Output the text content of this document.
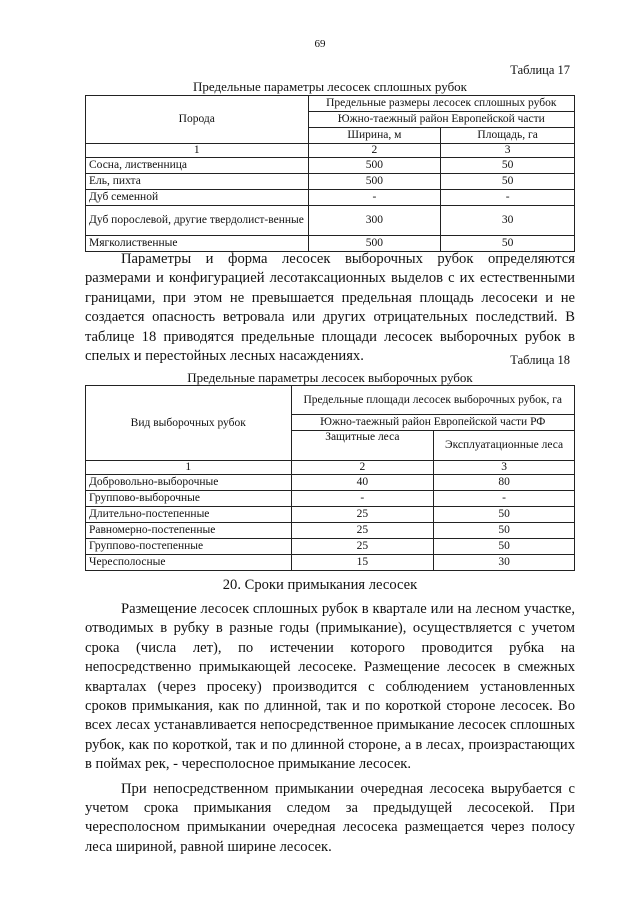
69
Таблица 17
Предельные параметры лесосек сплошных рубок
Порода	Предельные размеры лесосек сплошных рубок	
	Южно-таежный район Европейской части	
	Ширина, м	Площадь, га
1	2	3
Сосна, лиственница	500	50
Ель, пихта	500	50
Дуб семенной	-	-
Дуб порослевой, другие твердолист-венные	300	30
Мягколиственные	500	50

Параметры и форма лесосек выборочных рубок определяются размерами и конфигурацией лесотаксационных выделов с их естественными границами, при этом не превышается предельная площадь лесосеки и не создается опасность ветровала или других отрицательных последствий. В таблице 18 приводятся предельные площади лесосек выборочных рубок в спелых и перестойных лесных насаждениях.	Таблица 18
Предельные параметры лесосек выборочных рубок
Вид выборочных рубок	Предельные площади лесосек выборочных рубок, га	
	Южно-таежный район Европейской части РФ	
	Защитные леса	Эксплуатационные леса
1	2	3
Добровольно-выборочные	40	80
Группово-выборочные	-	-
Длительно-постепенные	25	50
Равномерно-постепенные	25	50
Группово-постепенные	25	50
Чересполосные	15	30
20. Сроки примыкания лесосек

Размещение лесосек сплошных рубок в квартале или на лесном участке, отводимых в рубку в разные годы (примыкание), осуществляется с учетом срока (числа лет), по истечении которого проводится рубка на непосредственно примыкающей лесосеке. Размещение лесосек в смежных кварталах (через просеку) производится с соблюдением установленных сроков примыкания, как по длинной, так и по короткой стороне лесосек. Во всех лесах устанавливается непосредственное примыкание лесосек сплошных рубок, как по короткой, так и по длинной стороне, а в лесах, произрастающих в поймах рек, - чересполосное примыкание лесосек.

При непосредственном примыкании очередная лесосека вырубается с учетом срока примыкания следом за предыдущей лесосекой. При чересполосном примыкании очередная лесосека размещается через полосу леса шириной, равной ширине лесосек.
